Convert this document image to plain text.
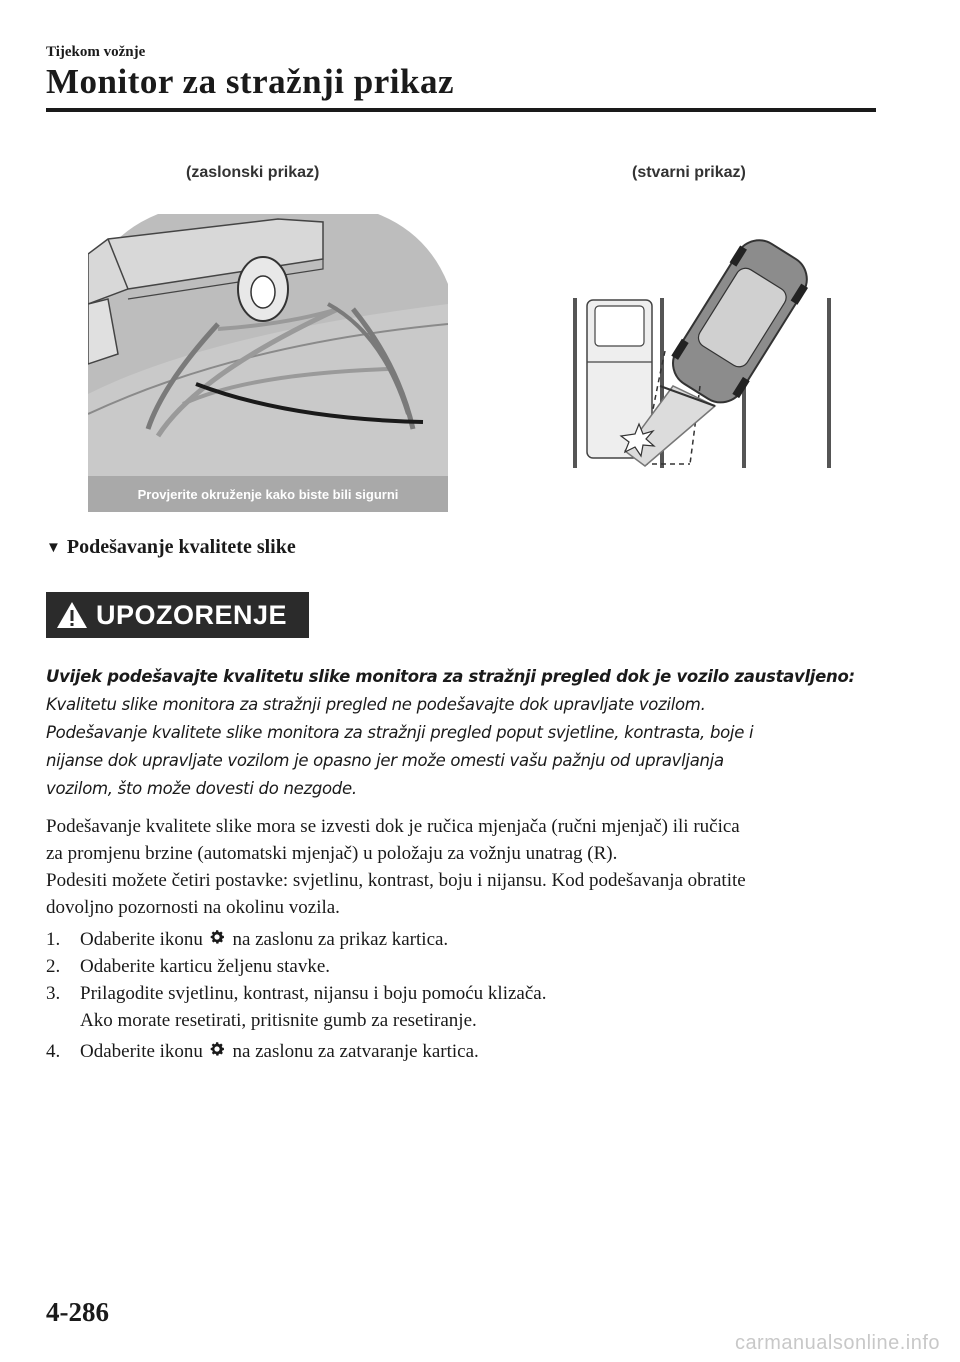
Tijekom vožnje
Monitor za stražnji prikaz
(zaslonski prikaz)	(stvarni prikaz)
Provjerite okruženje kako biste bili sigurni
▼ Podešavanje kvalitete slike
UPOZORENJE
Uvijek podešavajte kvalitetu slike monitora za stražnji pregled dok je vozilo zaustavljeno:
Kvalitetu slike monitora za stražnji pregled ne podešavajte dok upravljate vozilom.
Podešavanje kvalitete slike monitora za stražnji pregled poput svjetline, kontrasta, boje i
nijanse dok upravljate vozilom je opasno jer može omesti vašu pažnju od upravljanja
vozilom, što može dovesti do nezgode.
Podešavanje kvalitete slike mora se izvesti dok je ručica mjenjača (ručni mjenjač) ili ručica
za promjenu brzine (automatski mjenjač) u položaju za vožnju unatrag (R).
Podesiti možete četiri postavke: svjetlinu, kontrast, boju i nijansu. Kod podešavanja obratite
dovoljno pozornosti na okolinu vozila.
1. Odaberite ikonu na zaslonu za prikaz kartica.
2. Odaberite karticu željenu stavke.
3. Prilagodite svjetlinu, kontrast, nijansu i boju pomoću klizača.
Ako morate resetirati, pritisnite gumb za resetiranje.
4. Odaberite ikonu na zaslonu za zatvaranje kartica.
4-286
carmanualsonline.info
